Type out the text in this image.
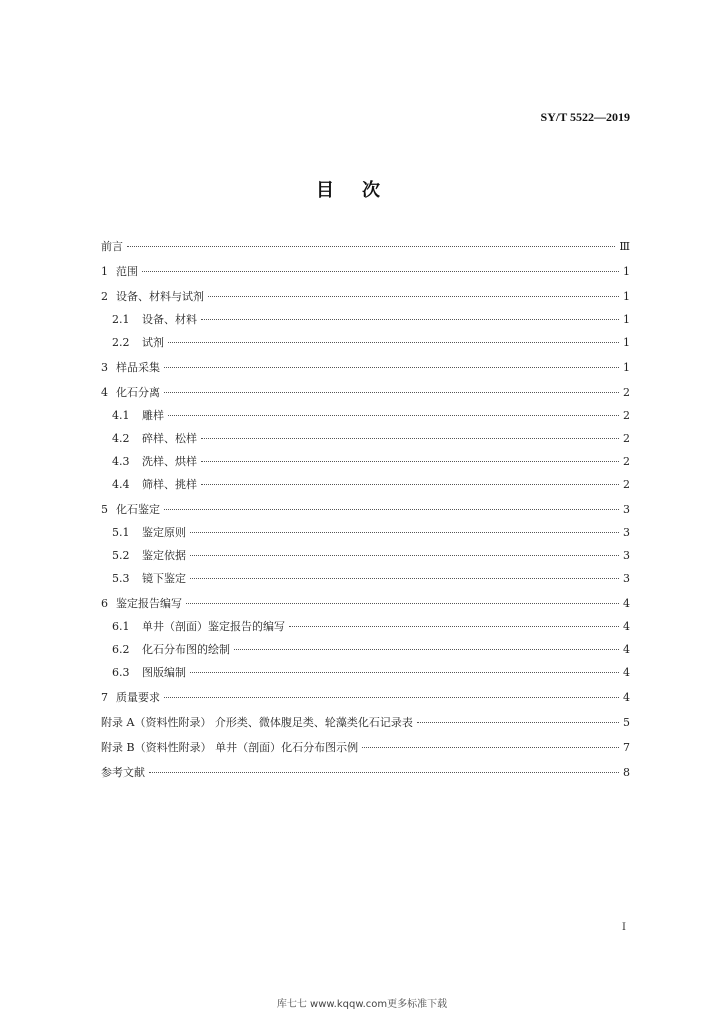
SY/T 5522—2019
目次
前言	Ⅲ
1 范围	1
2 设备、材料与试剂	1
2.1	设备、材料	1
2.2	试剂	1
3 样品采集	1
4 化石分离	2
4.1	雕样	2
4.2	碎样、松样	2
4.3	洗样、烘样	2
4.4	筛样、挑样	2
5 化石鉴定	3
5.1	鉴定原则	3
5.2	鉴定依据	3
5.3	镜下鉴定	3
6 鉴定报告编写	4
6.1	单井（剖面）鉴定报告的编写	4
6.2	化石分布图的绘制	4
6.3	图版编制	4
7 质量要求	4
附录 A（资料性附录） 介形类、微体腹足类、轮藻类化石记录表	5
附录 B（资料性附录） 单井（剖面）化石分布图示例	7
参考文献	8
I
库七七 www.kqqw.com更多标准下载
